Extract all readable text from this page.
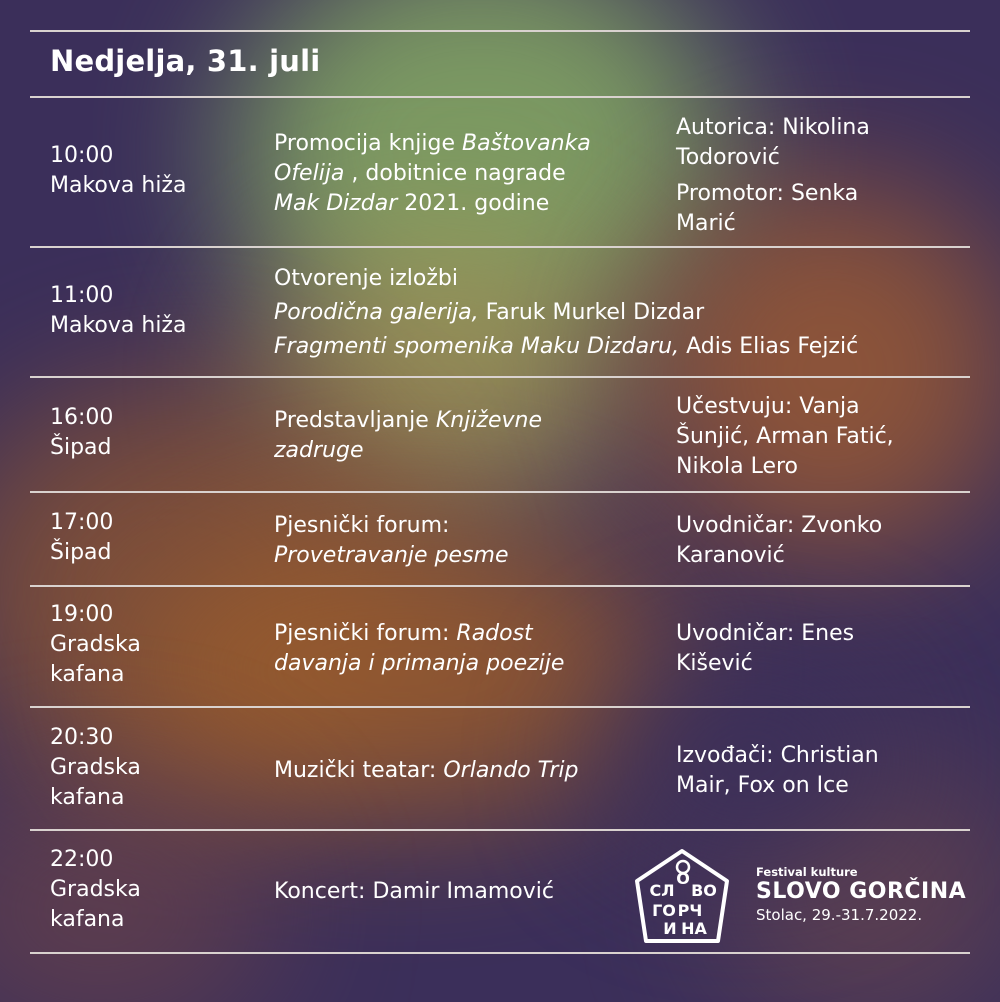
Nedjelja, 31. juli
10:00
Makova hiža
Promocija knjige Baštovanka
Ofelija , dobitnice nagrade
Mak Dizdar 2021. godine
Autorica: Nikolina
Todorović
Promotor: Senka
Marić
11:00
Makova hiža
Otvorenje izložbi
Porodična galerija, Faruk Murkel Dizdar
Fragmenti spomenika Maku Dizdaru, Adis Elias Fejzić
16:00
Šipad
Predstavljanje Književne
zadruge
Učestvuju: Vanja
Šunjić, Arman Fatić,
Nikola Lero
17:00
Šipad
Pjesnički forum:
Provetravanje pesme
Uvodničar: Zvonko
Karanović
19:00
Gradska
kafana
Pjesnički forum: Radost
davanja i primanja poezije
Uvodničar: Enes
Kišević
20:30
Gradska
kafana
Muzički teatar: Orlando Trip
Izvođači: Christian
Mair, Fox on Ice
22:00
Gradska
kafana
Koncert: Damir Imamović	СЛОВО ГО РЧ И НА
Festival kulture
SLOVO GORČINA
Stolac, 29.-31.7.2022.
